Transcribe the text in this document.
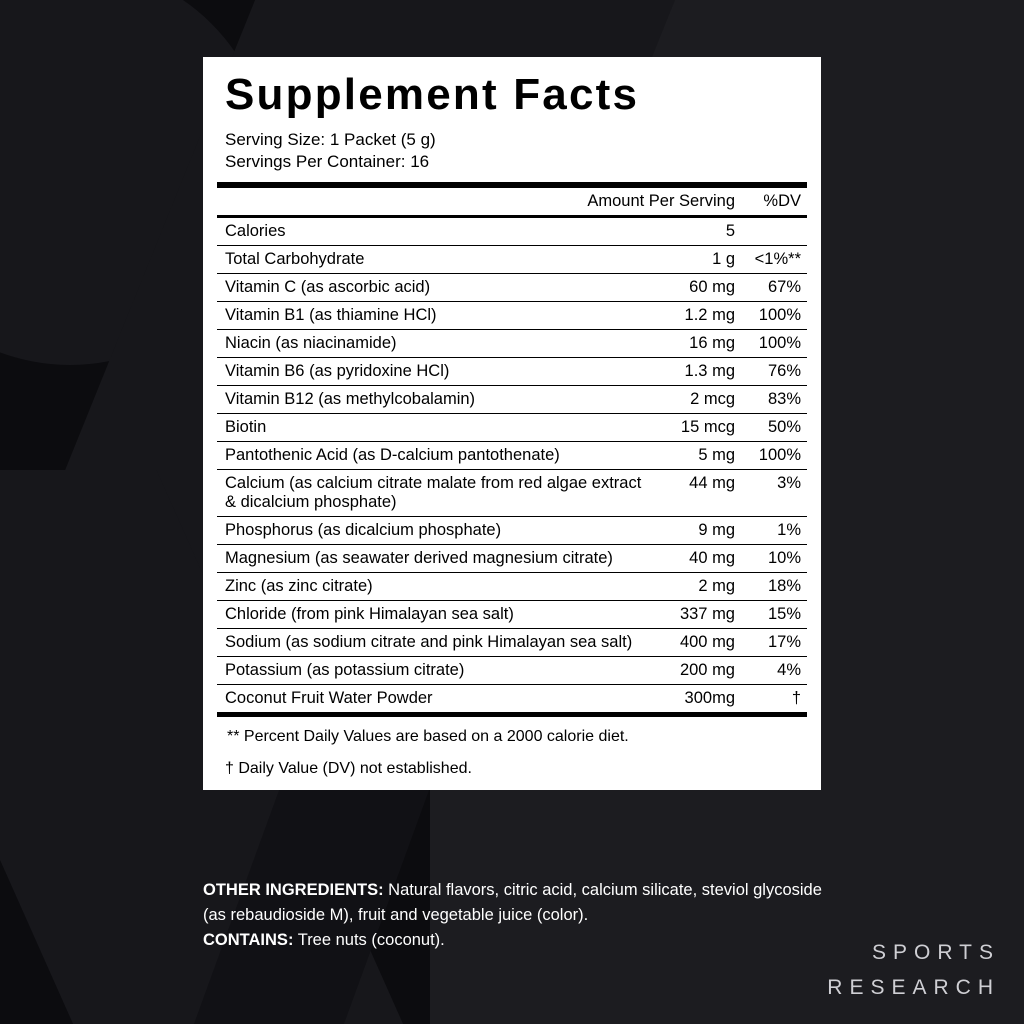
Supplement Facts
Serving Size: 1 Packet (5 g)
Servings Per Container: 16
	Amount Per Serving	%DV
Calories	5	
Total Carbohydrate	1 g	<1%**
Vitamin C (as ascorbic acid)	60 mg	67%
Vitamin B1 (as thiamine HCl)	1.2 mg	100%
Niacin (as niacinamide)	16 mg	100%
Vitamin B6 (as pyridoxine HCl)	1.3 mg	76%
Vitamin B12 (as methylcobalamin)	2 mcg	83%
Biotin	15 mcg	50%
Pantothenic Acid (as D-calcium pantothenate)	5 mg	100%
Calcium (as calcium citrate malate from red algae extract & dicalcium phosphate)	44 mg	3%
Phosphorus (as dicalcium phosphate)	9 mg	1%
Magnesium (as seawater derived magnesium citrate)	40 mg	10%
Zinc (as zinc citrate)	2 mg	18%
Chloride (from pink Himalayan sea salt)	337 mg	15%
Sodium (as sodium citrate and pink Himalayan sea salt)	400 mg	17%
Potassium (as potassium citrate)	200 mg	4%
Coconut Fruit Water Powder	300mg	†
** Percent Daily Values are based on a 2000 calorie diet.
† Daily Value (DV) not established.
OTHER INGREDIENTS: Natural flavors, citric acid, calcium silicate, steviol glycoside (as rebaudioside M), fruit and vegetable juice (color).
CONTAINS: Tree nuts (coconut).
SPORTS
RESEARCH
